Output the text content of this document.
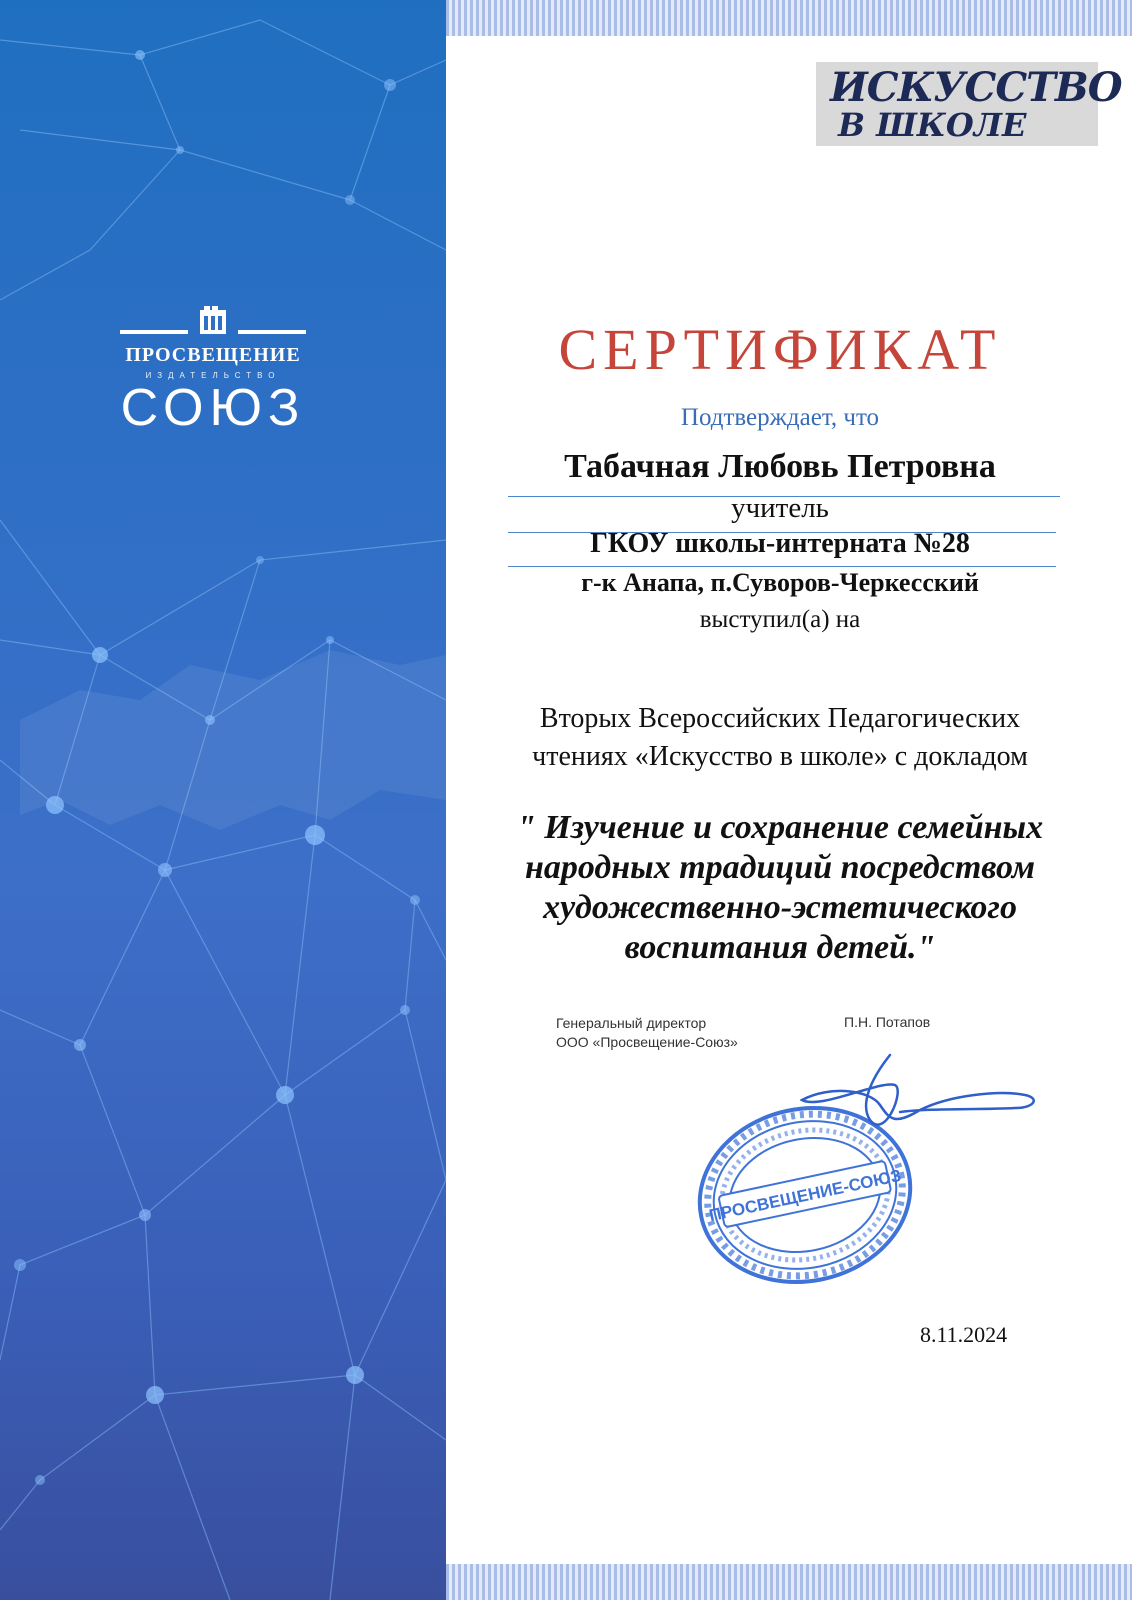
ПРОСВЕЩЕНИЕ
ИЗДАТЕЛЬСТВО
СОЮЗ
ИСКУССТВО
В ШКОЛЕ
СЕРТИФИКАТ
Подтверждает, что
Табачная Любовь Петровна
учитель
ГКОУ школы-интерната №28
г-к Анапа, п.Суворов-Черкесский
выступил(а) на
Вторых Всероссийских Педагогических
чтениях «Искусство в школе» с докладом
" Изучение и сохранение семейных
народных традиций посредством
художественно-эстетического
воспитания детей."
Генеральный директор
ООО «Просвещение-Союз»
П.Н. Потапов
ПРОСВЕЩЕНИЕ-СОЮЗ
8.11.2024
